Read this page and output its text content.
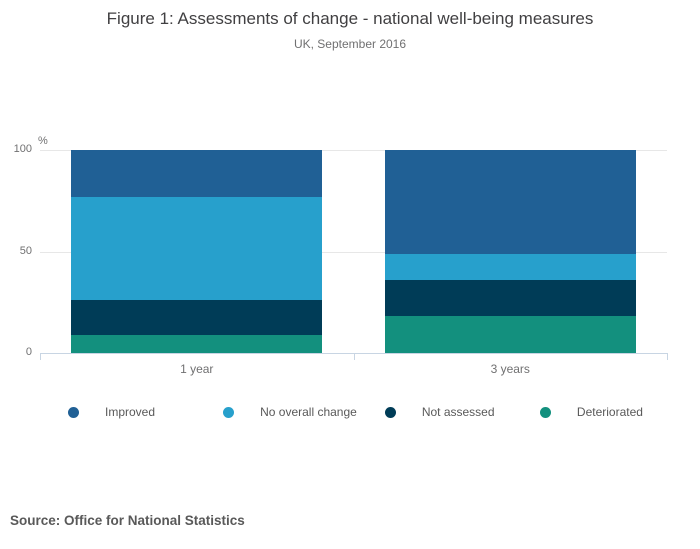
Figure 1: Assessments of change - national well-being measures
UK, September 2016
%
0
50
100
1 year	3 years
Improved	No overall change	Not assessed	Deteriorated
Source: Office for National Statistics
